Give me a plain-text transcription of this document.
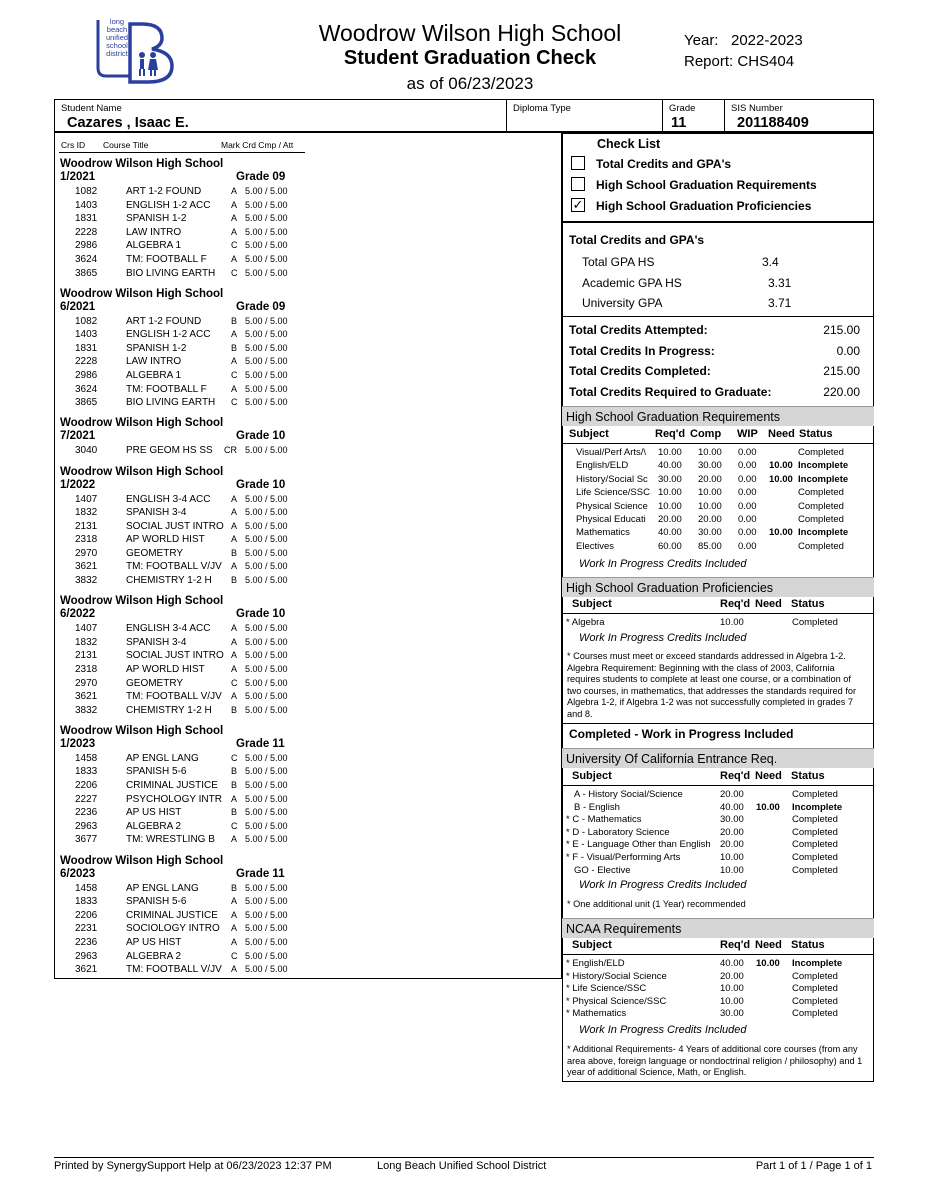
long
beach
unified
school
district
Woodrow Wilson High School
Student Graduation Check
as of 06/23/2023
Year: 2022-2023
Report: CHS404
Student Name
Cazares , Isaac E.
Diploma Type	Grade
11
SIS Number
201188409
Crs ID Course Title	Mark Crd Cmp / Att
Woodrow Wilson High School
1/2021	Grade 09
1082	ART 1-2 FOUND	A 5.00 / 5.00
1403	ENGLISH 1-2 ACC A 5.00 / 5.00
1831	SPANISH 1-2	A 5.00 / 5.00
2228	LAW INTRO	A 5.00 / 5.00
2986	ALGEBRA 1	C 5.00 / 5.00
3624	TM: FOOTBALL F	A 5.00 / 5.00
3865	BIO LIVING EARTH C 5.00 / 5.00
Woodrow Wilson High School
6/2021	Grade 09
1082	ART 1-2 FOUND	B 5.00 / 5.00
1403	ENGLISH 1-2 ACC A 5.00 / 5.00
1831	SPANISH 1-2	B 5.00 / 5.00
2228	LAW INTRO	A 5.00 / 5.00
2986	ALGEBRA 1	C 5.00 / 5.00
3624	TM: FOOTBALL F	A 5.00 / 5.00
3865	BIO LIVING EARTH C 5.00 / 5.00
Woodrow Wilson High School
7/2021	Grade 10
3040	PRE GEOM HS SS CR 5.00 / 5.00
Woodrow Wilson High School
1/2022	Grade 10
1407	ENGLISH 3-4 ACC A 5.00 / 5.00
1832	SPANISH 3-4	A 5.00 / 5.00
2131	SOCIAL JUST INTRO A 5.00 / 5.00
2318	AP WORLD HIST	A 5.00 / 5.00
2970	GEOMETRY	B 5.00 / 5.00
3621	TM: FOOTBALL V/JV A 5.00 / 5.00
3832	CHEMISTRY 1-2 H B 5.00 / 5.00
Woodrow Wilson High School
6/2022	Grade 10
1407	ENGLISH 3-4 ACC A 5.00 / 5.00
1832	SPANISH 3-4	A 5.00 / 5.00
2131	SOCIAL JUST INTRO A 5.00 / 5.00
2318	AP WORLD HIST	A 5.00 / 5.00
2970	GEOMETRY	C 5.00 / 5.00
3621	TM: FOOTBALL V/JV A 5.00 / 5.00
3832	CHEMISTRY 1-2 H B 5.00 / 5.00
Woodrow Wilson High School
1/2023	Grade 11
1458	AP ENGL LANG	C 5.00 / 5.00
1833	SPANISH 5-6	B 5.00 / 5.00
2206	CRIMINAL JUSTICE B 5.00 / 5.00
2227	PSYCHOLOGY INTR A 5.00 / 5.00
2236	AP US HIST	B 5.00 / 5.00
2963	ALGEBRA 2	C 5.00 / 5.00
3677	TM: WRESTLING B A 5.00 / 5.00
Woodrow Wilson High School
6/2023	Grade 11
1458	AP ENGL LANG	B 5.00 / 5.00
1833	SPANISH 5-6	A 5.00 / 5.00
2206	CRIMINAL JUSTICE A 5.00 / 5.00
2231	SOCIOLOGY INTRO A 5.00 / 5.00
2236	AP US HIST	A 5.00 / 5.00
2963	ALGEBRA 2	C 5.00 / 5.00
3621	TM: FOOTBALL V/JV A 5.00 / 5.00
Check List
Total Credits and GPA's
High School Graduation Requirements
✓ High School Graduation Proficiencies
Total Credits and GPA's
Total GPA HS	3.4
Academic GPA HS	3.31
University GPA	3.71
Total Credits Attempted:	215.00
Total Credits In Progress:	0.00
Total Credits Completed:	215.00
Total Credits Required to Graduate:	220.00
High School Graduation Requirements
Subject	Req'd Comp WIP Need Status
Visual/Perf Arts/\	10.00 10.00 0.00	Completed
English/ELD	40.00 30.00 0.00 10.00 Incomplete
History/Social Sc	30.00 20.00 0.00 10.00 Incomplete
Life Science/SSC 10.00 10.00 0.00	Completed
Physical Science	10.00 10.00 0.00	Completed
Physical Educati	20.00 20.00 0.00	Completed
Mathematics	40.00 30.00 0.00 10.00 Incomplete
Electives	60.00 85.00 0.00	Completed
Work In Progress Credits Included
High School Graduation Proficiencies
Subject	Req'd Need Status
* Algebra	10.00	Completed
Work In Progress Credits Included
* Courses must meet or exceed standards addressed in Algebra 1-2. Algebra Requirement: Beginning with the class of 2003, California requires students to complete at least one course, or a combination of two courses, in mathematics, that addresses the standards required for Algebra 1-2, if Algebra 1-2 was not successfully completed in grades 7 and 8.
Completed - Work in Progress Included
University Of California Entrance Req.
Subject	Req'd Need Status
A - History Social/Science	20.00	Completed
B - English	40.00 10.00 Incomplete
* C - Mathematics	30.00	Completed
* D - Laboratory Science	20.00	Completed
* E - Language Other than English 20.00	Completed
* F - Visual/Performing Arts	10.00	Completed
GO - Elective	10.00	Completed
Work In Progress Credits Included
* One additional unit (1 Year) recommended
NCAA Requirements
Subject	Req'd Need Status
* English/ELD	40.00 10.00 Incomplete
* History/Social Science	20.00	Completed
* Life Science/SSC	10.00	Completed
* Physical Science/SSC	10.00	Completed
* Mathematics	30.00	Completed
Work In Progress Credits Included
* Additional Requirements- 4 Years of additional core courses (from any area above, foreign language or nondoctrinal religion / philosophy) and 1 year of additional Science, Math, or English.
Printed by SynergySupport Help at 06/23/2023 12:37 PM	Long Beach Unified School District	Part 1 of 1 / Page 1 of 1
